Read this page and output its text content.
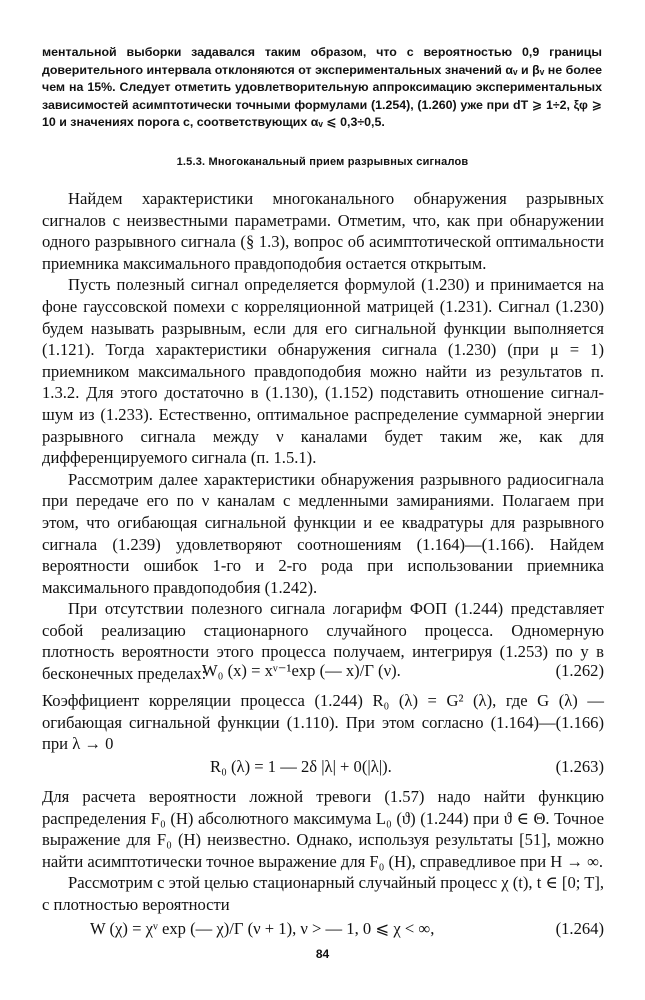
ментальной выборки задавался таким образом, что с вероятностью 0,9 границы доверительного интервала отклоняются от экспериментальных значений αᵥ и βᵥ не более чем на 15%. Следует отметить удовлетворительную аппроксимацию экспериментальных зависимостей асимптотически точными формулами (1.254), (1.260) уже при dT ⩾ 1÷2, ξφ ⩾ 10 и значениях порога c, соответствующих αᵥ ⩽ 0,3÷0,5.
1.5.3. Многоканальный прием разрывных сигналов

Найдем характеристики многоканального обнаружения разрывных сигналов с неизвестными параметрами. Отметим, что, как при обнаружении одного разрывного сигнала (§ 1.3), вопрос об асимптотической оптимальности приемника максимального правдоподобия остается открытым.

Пусть полезный сигнал определяется формулой (1.230) и принимается на фоне гауссовской помехи с корреляционной матрицей (1.231). Сигнал (1.230) будем называть разрывным, если для его сигнальной функции выполняется (1.121). Тогда характеристики обнаружения сигнала (1.230) (при μ = 1) приемником максимального правдоподобия можно найти из результатов п. 1.3.2. Для этого достаточно в (1.130), (1.152) подставить отношение сигнал-шум из (1.233). Естественно, оптимальное распределение суммарной энергии разрывного сигнала между ν каналами будет таким же, как для дифференцируемого сигнала (п. 1.5.1).

Рассмотрим далее характеристики обнаружения разрывного радиосигнала при передаче его по ν каналам с медленными замираниями. Полагаем при этом, что огибающая сигнальной функции и ее квадратуры для разрывного сигнала (1.239) удовлетворяют соотношениям (1.164)—(1.166). Найдем вероятности ошибок 1-го и 2-го рода при использовании приемника максимального правдоподобия (1.242).

При отсутствии полезного сигнала логарифм ФОП (1.244) представляет собой реализацию стационарного случайного процесса. Одномерную плотность вероятности этого процесса получаем, интегрируя (1.253) по y в бесконечных пределах:

W₀ (x) = xᵛ⁻¹exp (— x)/Γ (ν).	(1.262)

Коэффициент корреляции процесса (1.244) R₀ (λ) = G² (λ), где G (λ) — огибающая сигнальной функции (1.110). При этом согласно (1.164)—(1.166) при λ → 0

R₀ (λ) = 1 — 2δ |λ| + 0(|λ|).	(1.263)

Для расчета вероятности ложной тревоги (1.57) надо найти функцию распределения F₀ (H) абсолютного максимума L₀ (ϑ) (1.244) при ϑ ∈ Θ. Точное выражение для F₀ (H) неизвестно. Однако, используя результаты [51], можно найти асимптотически точное выражение для F₀ (H), справедливое при H → ∞.

Рассмотрим с этой целью стационарный случайный процесс χ (t), t ∈ [0; T], с плотностью вероятности

W (χ) = χᵛ exp (— χ)/Γ (ν + 1), ν > — 1, 0 ⩽ χ < ∞,	(1.264)
84
